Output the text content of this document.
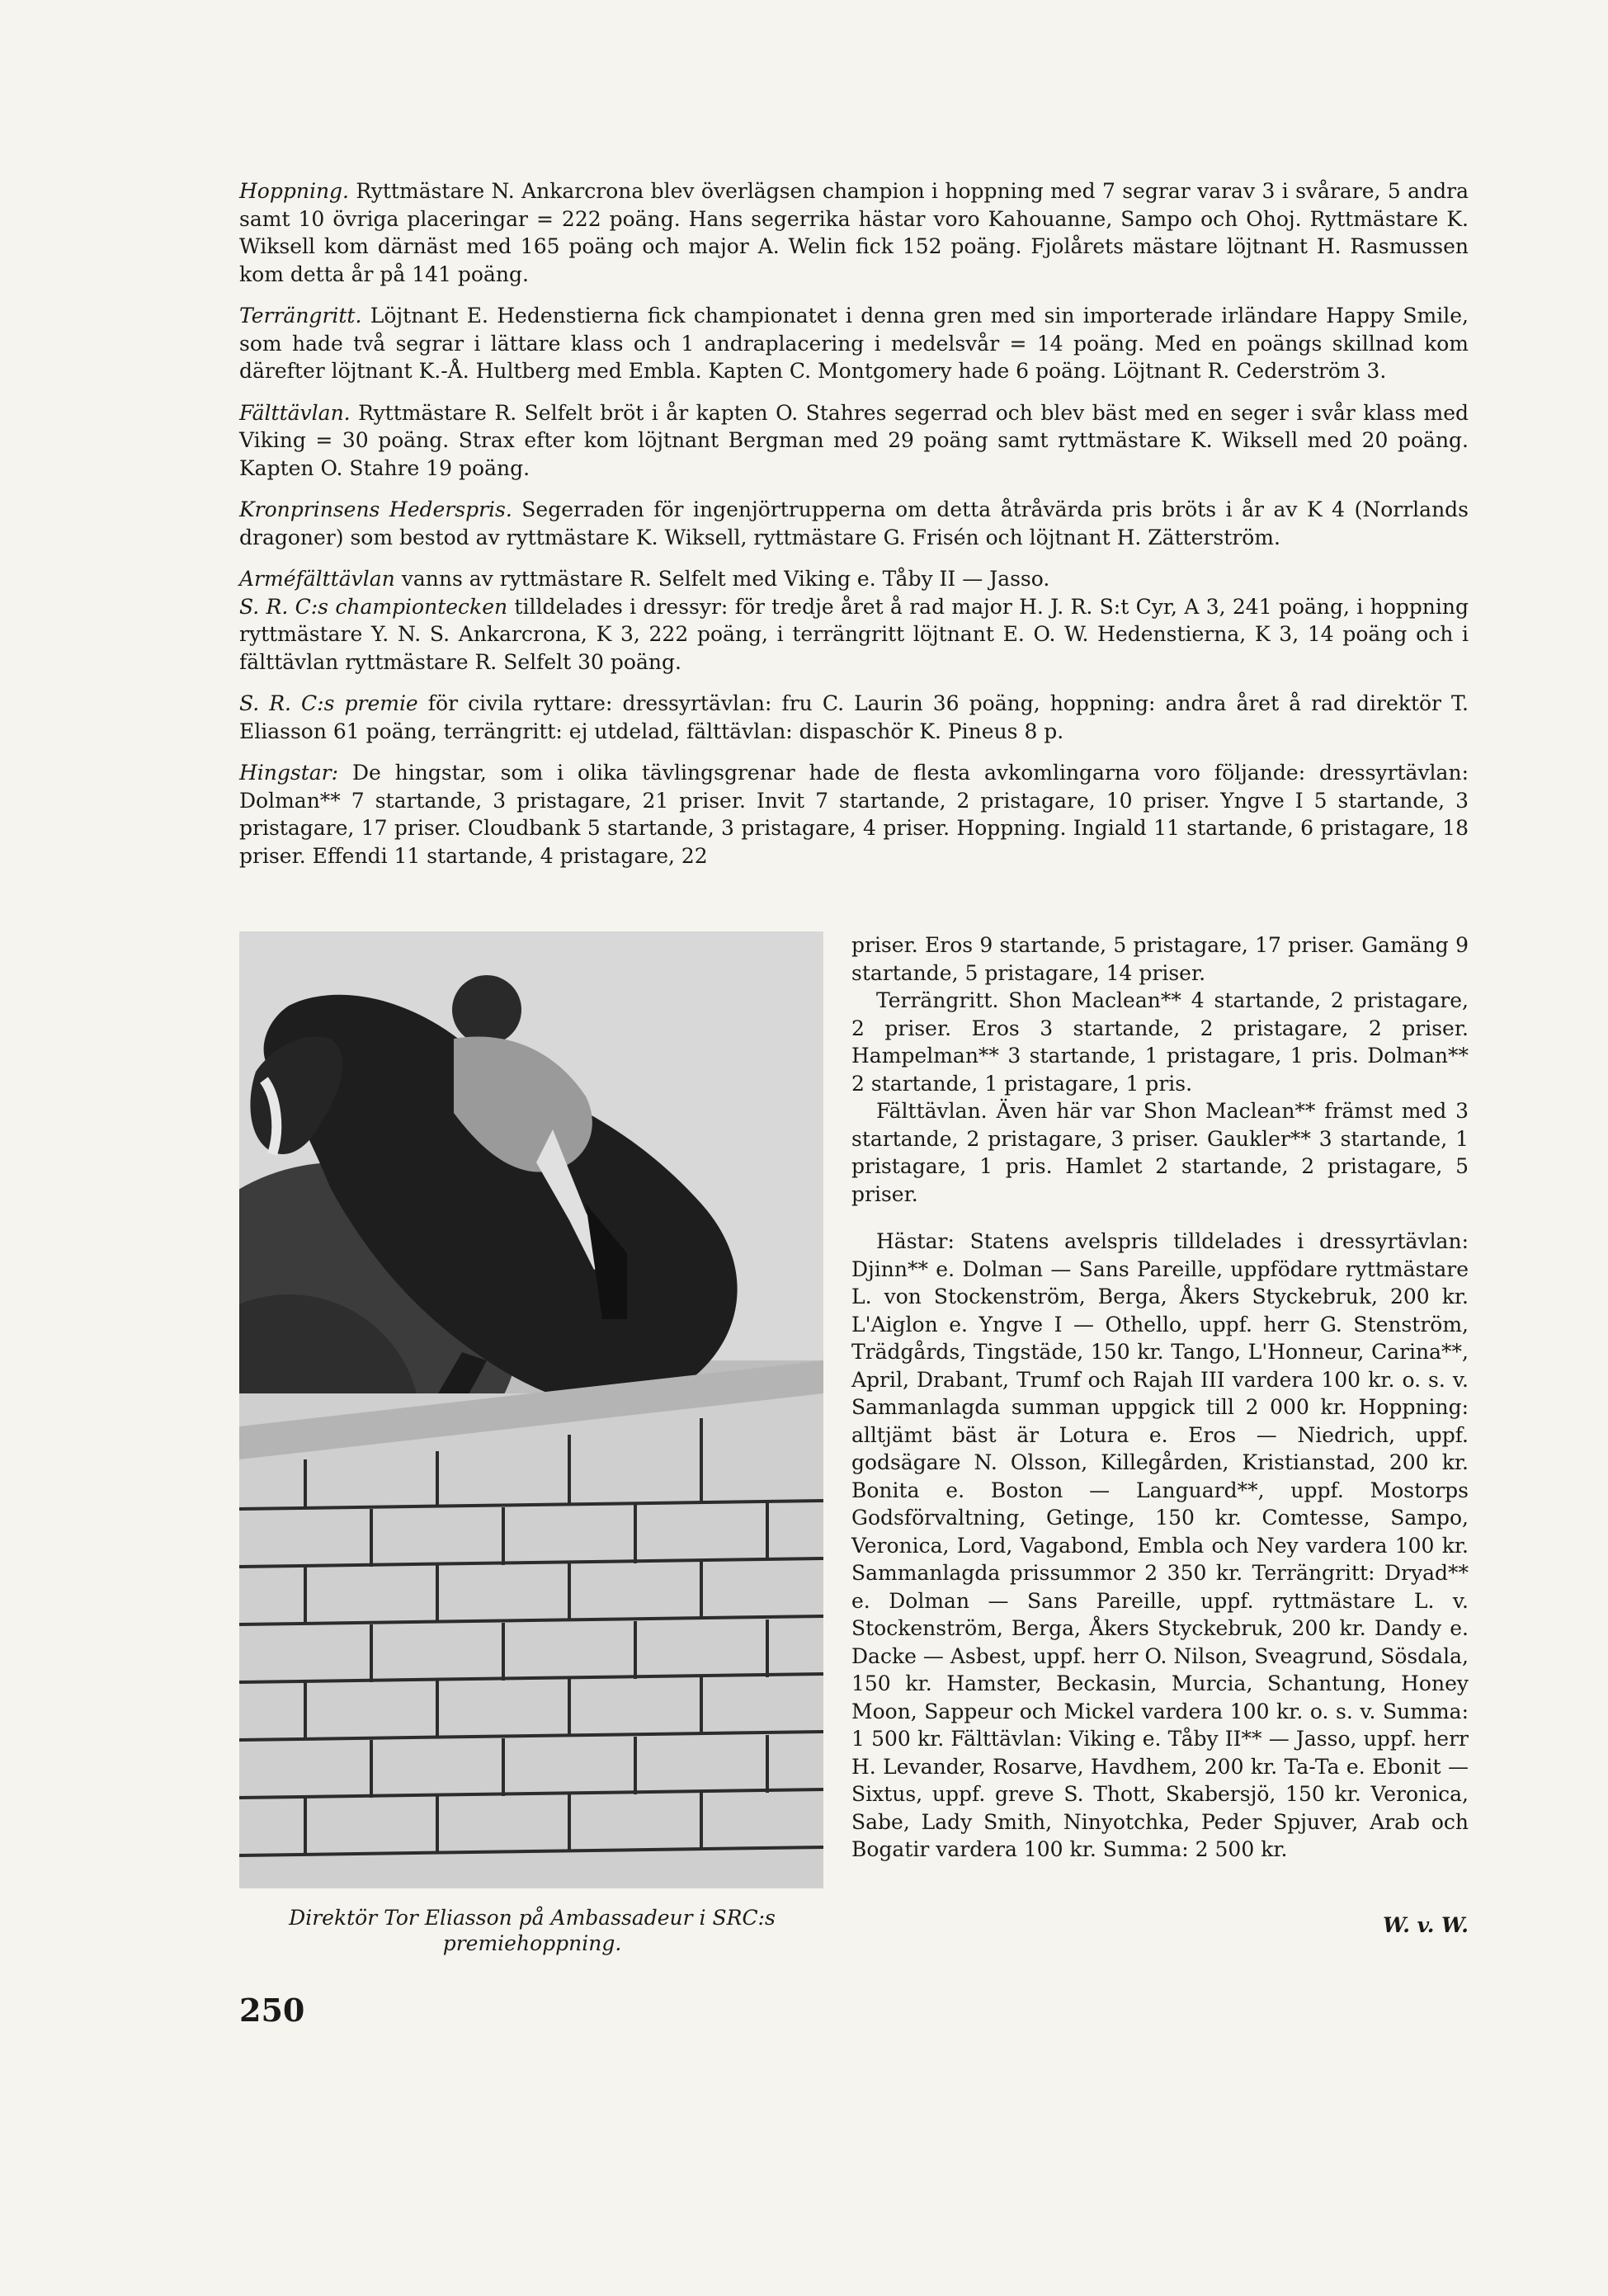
Hoppning. Ryttmästare N. Ankarcrona blev överlägsen champion i hoppning med 7 segrar varav 3 i svårare, 5 andra samt 10 övriga placeringar = 222 poäng. Hans segerrika hästar voro Kahouanne, Sampo och Ohoj. Ryttmästare K. Wiksell kom därnäst med 165 poäng och major A. Welin fick 152 poäng. Fjolårets mästare löjtnant H. Rasmussen kom detta år på 141 poäng.

Terrängritt. Löjtnant E. Hedenstierna fick championatet i denna gren med sin importerade irländare Happy Smile, som hade två segrar i lättare klass och 1 andraplacering i medelsvår = 14 poäng. Med en poängs skillnad kom därefter löjtnant K.-Å. Hultberg med Embla. Kapten C. Montgomery hade 6 poäng. Löjtnant R. Cederström 3.

Fälttävlan. Ryttmästare R. Selfelt bröt i år kapten O. Stahres segerrad och blev bäst med en seger i svår klass med Viking = 30 poäng. Strax efter kom löjtnant Bergman med 29 poäng samt ryttmästare K. Wiksell med 20 poäng. Kapten O. Stahre 19 poäng.

Kronprinsens Hederspris. Segerraden för ingenjörtrupperna om detta åtråvärda pris bröts i år av K 4 (Norrlands dragoner) som bestod av ryttmästare K. Wiksell, ryttmästare G. Frisén och löjtnant H. Zätterström.

Arméfälttävlan vanns av ryttmästare R. Selfelt med Viking e. Tåby II — Jasso.

S. R. C:s championtecken tilldelades i dressyr: för tredje året å rad major H. J. R. S:t Cyr, A 3, 241 poäng, i hoppning ryttmästare Y. N. S. Ankarcrona, K 3, 222 poäng, i terrängritt löjtnant E. O. W. Hedenstierna, K 3, 14 poäng och i fälttävlan ryttmästare R. Selfelt 30 poäng.

S. R. C:s premie för civila ryttare: dressyrtävlan: fru C. Laurin 36 poäng, hoppning: andra året å rad direktör T. Eliasson 61 poäng, terrängritt: ej utdelad, fälttävlan: dispaschör K. Pineus 8 p.

Hingstar: De hingstar, som i olika tävlingsgrenar hade de flesta avkomlingarna voro följande: dressyrtävlan: Dolman** 7 startande, 3 pristagare, 21 priser. Invit 7 startande, 2 pristagare, 10 priser. Yngve I 5 startande, 3 pristagare, 17 priser. Cloudbank 5 startande, 3 pristagare, 4 priser. Hoppning. Ingiald 11 startande, 6 pristagare, 18 priser. Effendi 11 startande, 4 pristagare, 22

Direktör Tor Eliasson på Ambassadeur i SRC:s premiehoppning.

priser. Eros 9 startande, 5 pristagare, 17 priser. Gamäng 9 startande, 5 pristagare, 14 priser.

Terrängritt. Shon Maclean** 4 startande, 2 pristagare, 2 priser. Eros 3 startande, 2 pristagare, 2 priser. Hampelman** 3 startande, 1 pristagare, 1 pris. Dolman** 2 startande, 1 pristagare, 1 pris.

Fälttävlan. Även här var Shon Maclean** främst med 3 startande, 2 pristagare, 3 priser. Gaukler** 3 startande, 1 pristagare, 1 pris. Hamlet 2 startande, 2 pristagare, 5 priser.

Hästar: Statens avelspris tilldelades i dressyrtävlan: Djinn** e. Dolman — Sans Pareille, uppfödare ryttmästare L. von Stockenström, Berga, Åkers Styckebruk, 200 kr. L'Aiglon e. Yngve I — Othello, uppf. herr G. Stenström, Trädgårds, Tingstäde, 150 kr. Tango, L'Honneur, Carina**, April, Drabant, Trumf och Rajah III vardera 100 kr. o. s. v. Sammanlagda summan uppgick till 2 000 kr. Hoppning: alltjämt bäst är Lotura e. Eros — Niedrich, uppf. godsägare N. Olsson, Killegården, Kristianstad, 200 kr. Bonita e. Boston — Languard**, uppf. Mostorps Godsförvaltning, Getinge, 150 kr. Comtesse, Sampo, Veronica, Lord, Vagabond, Embla och Ney vardera 100 kr. Sammanlagda prissummor 2 350 kr. Terrängritt: Dryad** e. Dolman — Sans Pareille, uppf. ryttmästare L. v. Stockenström, Berga, Åkers Styckebruk, 200 kr. Dandy e. Dacke — Asbest, uppf. herr O. Nilson, Sveagrund, Sösdala, 150 kr. Hamster, Beckasin, Murcia, Schantung, Honey Moon, Sappeur och Mickel vardera 100 kr. o. s. v. Summa: 1 500 kr. Fälttävlan: Viking e. Tåby II** — Jasso, uppf. herr H. Levander, Rosarve, Havdhem, 200 kr. Ta-Ta e. Ebonit — Sixtus, uppf. greve S. Thott, Skabersjö, 150 kr. Veronica, Sabe, Lady Smith, Ninyotchka, Peder Spjuver, Arab och Bogatir vardera 100 kr. Summa: 2 500 kr.

W. v. W.
250
